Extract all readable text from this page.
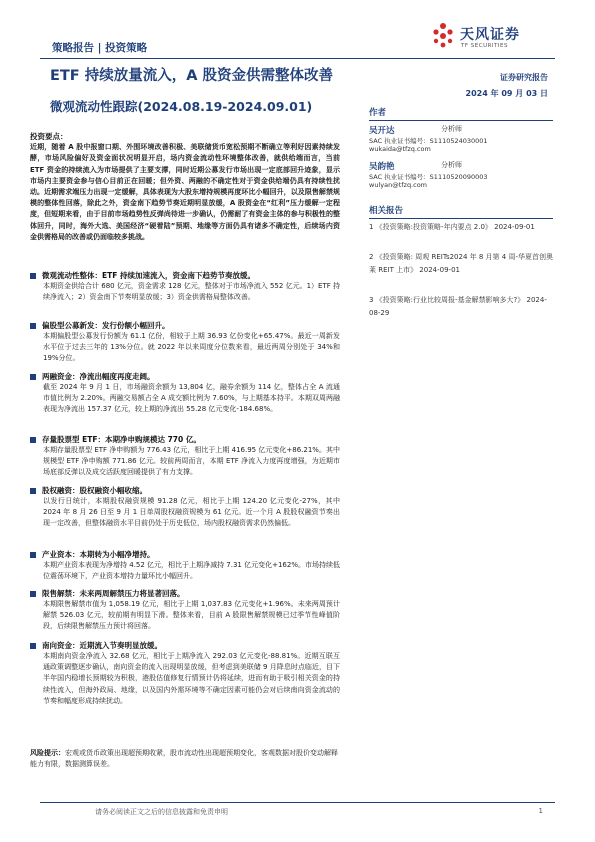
策略报告 | 投资策略
天风证券
TF SECURITIES
ETF 持续放量流入，A 股资金供需整体改善
微观流动性跟踪(2024.08.19-2024.09.01)
证券研究报告
2024 年 09 月 03 日
作者
吴开达	分析师
SAC 执业证书编号：S1110524030001
wukaida@tfzq.com
吴韵艳	分析师
SAC 执业证书编号：S1110520090003
wulyan@tfzq.com
相关报告
1 《投资策略:投资策略-年内要点 2.0》 2024-09-01
2 《投资策略: 周观 REITs2024 年 8 月第 4 周-华夏首创奥莱 REIT 上市》 2024-09-01
3 《投资策略:行业比较周报-基金解禁影响多大?》 2024-08-29
投资要点：
近期，随着 A 股中报窗口期、外围环境改善积极、美联储货币宽松预期不断确立等利好因素持续发酵，市场风险偏好及资金面状况明显开启，场内资金流动性环境整体改善，就供给端而言，当前 ETF 资金的持续流入为市场提供了主要支撑，同时近期公募发行市场出现一定底部回升迹象，显示市场内主要资金参与信心目前正在回暖；但外资、两融的不确定性对于资金供给端仍具有持续性扰动。近期需求端压力出现一定缓解，具体表现为大股东增持规模再度环比小幅回升，以及限售解禁规模的整体性回落，除此之外，资金南下趋势节奏近期明显放缓，A 股资金在“红利”压力缓解一定程度，但短期来看，由于目前市场趋势性反弹尚待进一步确认，仍需耐了有资金主体的参与积极性的整体回升，同时，海外大选、美国经济“硬着陆”预期、地缘等方面仍具有诸多不确定性，后续场内资金供需格局的改善或仍面临较多挑战。
微观流动性整体：ETF 持续加速流入，资金南下趋势节奏放缓。
本期资金供给合计 680 亿元，资金需求 128 亿元，整体对于市场净流入 552 亿元。1）ETF 持续净流入；2）资金南下节奏明显放缓；3）资金供需格局整体改善。
偏股型公募新发：发行份额小幅回升。
本期偏股型公募发行份额为 61.1 亿份，相较于上期 36.93 亿份变化+65.47%。最近一周新发水平位于过去三年的 13%分位。就 2022 年以来周度分位数来看，最近两周分别处于 34%和 19%分位。
两融资金：净流出幅度再度走阔。
截至 2024 年 9 月 1 日，市场融资余额为 13,804 亿，融券余额为 114 亿，整体占全 A 流通市值比例为 2.20%。两融交易额占全 A 成交额比例为 7.60%，与上期基本持平。本期双周两融表现为净流出 157.37 亿元，较上期的净流出 55.28 亿元变化-184.68%。
存量股票型 ETF：本期净申购规模达 770 亿。
本期存量股票型 ETF 净申购额为 776.43 亿元，相比于上期 416.95 亿元变化+86.21%。其中规模型 ETF 净申购额 771.86 亿元。较前两周而言，本期 ETF 净流入力度再度增强，为近期市场底部反弹以及成交活跃度回暖提供了有力支撑。
股权融资：股权融资小幅收缩。
以发行日统计，本期股权融资规模 91.28 亿元，相比于上期 124.20 亿元变化-27%，其中 2024 年 8 月 26 日至 9 月 1 日单周股权融资规模为 61 亿元。近一个月 A 股股权融资节奏出现一定改善，但整体融资水平目前仍处于历史低位，场内股权融资需求仍然偏低。
产业资本：本期转为小幅净增持。
本期产业资本表现为净增持 4.52 亿元，相比于上期净减持 7.31 亿元变化+162%。市场持续低位震荡环境下，产业资本增持力量环比小幅回升。
限售解禁：未来两周解禁压力将显著回落。
本期限售解禁市值为 1,058.19 亿元，相比于上期 1,037.83 亿元变化+1.96%。未来两周预计解禁 526.03 亿元，较前期有明显下滑。整体来看，目前 A 股限售解禁规模已过季节性峰值阶段，后续限售解禁压力预计将回落。
南向资金：近期流入节奏明显放缓。
本期南向资金净流入 32.68 亿元，相比于上期净流入 292.03 亿元变化-88.81%。近期互联互通政策调整逐步确认，南向资金的流入出现明显放缓，但考虑到美联储 9 月降息时点临近，目下半年国内稳增长预期较为积极，港股估值修复行情预计仍将延续，进而有助于吸引相关资金的持续性流入，但海外政局、地缘，以及国内外需环境等不确定因素可能仍会对后续南向资金流动的节奏和幅度形成持续扰动。
风险提示：宏观或货币政策出现超预期收紧，股市流动性出现超预期变化，客观数据对股价变动解释能力有限，数据测算误差。
请务必阅读正文之后的信息披露和免责申明	1
